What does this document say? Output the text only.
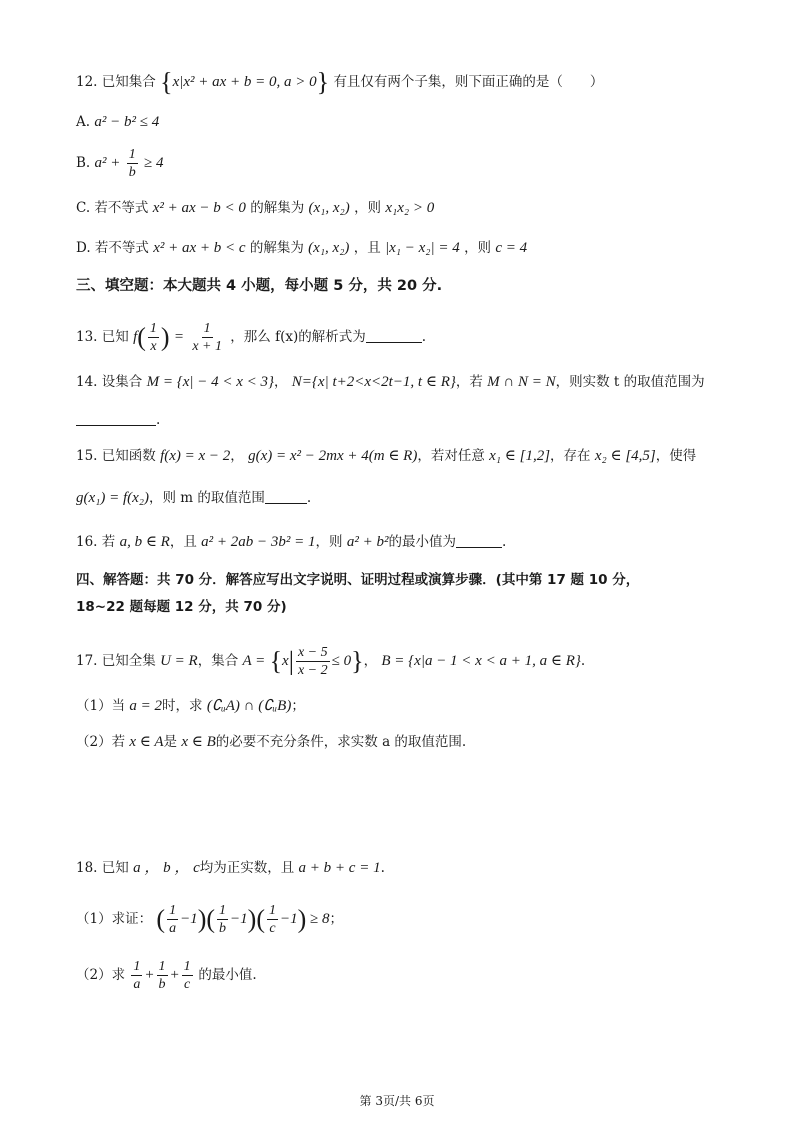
12. 已知集合 {x|x² + ax + b = 0, a > 0} 有且仅有两个子集，则下面正确的是（　　）
A. a² − b² ≤ 4
B. $a^2 + \frac{1}{b} \ge 4$
C. 若不等式 x² + ax − b < 0 的解集为 (x₁, x₂) ，则 x₁x₂ > 0
D. 若不等式 x² + ax + b < c 的解集为 (x₁, x₂) ，且 |x₁ − x₂| = 4 ，则 c = 4
三、填空题：本大题共 4 小题，每小题 5 分，共 20 分.
13. 已知 $f( \frac{1}{x}$ ) = $\frac{1}{x + 1}$ ，那么 f(x)的解析式为	.
14. 设集合 M = {x| − 4 < x < 3}， N={x| t+2<x<2t−1, t ∈ R}，若 M ∩ N = N，则实数 t 的取值范围为
.
15. 已知函数 f(x) = x − 2， g(x) = x² − 2mx + 4(m ∈ R)，若对任意 x₁ ∈ [1,2]，存在 x₂ ∈ [4,5]，使得
g(x₁) = f(x₂)，则 m 的取值范围	.
16. 若 a, b ∈ R，且 a² + 2ab − 3b² = 1，则 a² + b²的最小值为	.
四、解答题：共 70 分．解答应写出文字说明、证明过程或演算步骤．(其中第 17 题 10 分，
18~22 题每题 12 分，共 70 分)
17. 已知全集 U = R，集合 $A = \{x| \frac{x - 5}{x - 2} \le 0\}$， B = {x|a − 1 < x < a + 1, a ∈ R}.
（1）当 a = 2时，求 (∁ᵤA) ∩ (∁ᵤB)；
（2）若 x ∈ A是 x ∈ B的必要不充分条件，求实数 a 的取值范围.
18. 已知 a ， b ， c均为正实数，且 a + b + c = 1.
（1）求证： ( $\frac{1}{a} -1)( \frac{1}{b} -1)( \frac{1}{c} -1) \ge 8$；
（2）求 $\frac{1}{a} + \frac{1}{b} + \frac{1}{c}$ 的最小值.
第 3页/共 6页
